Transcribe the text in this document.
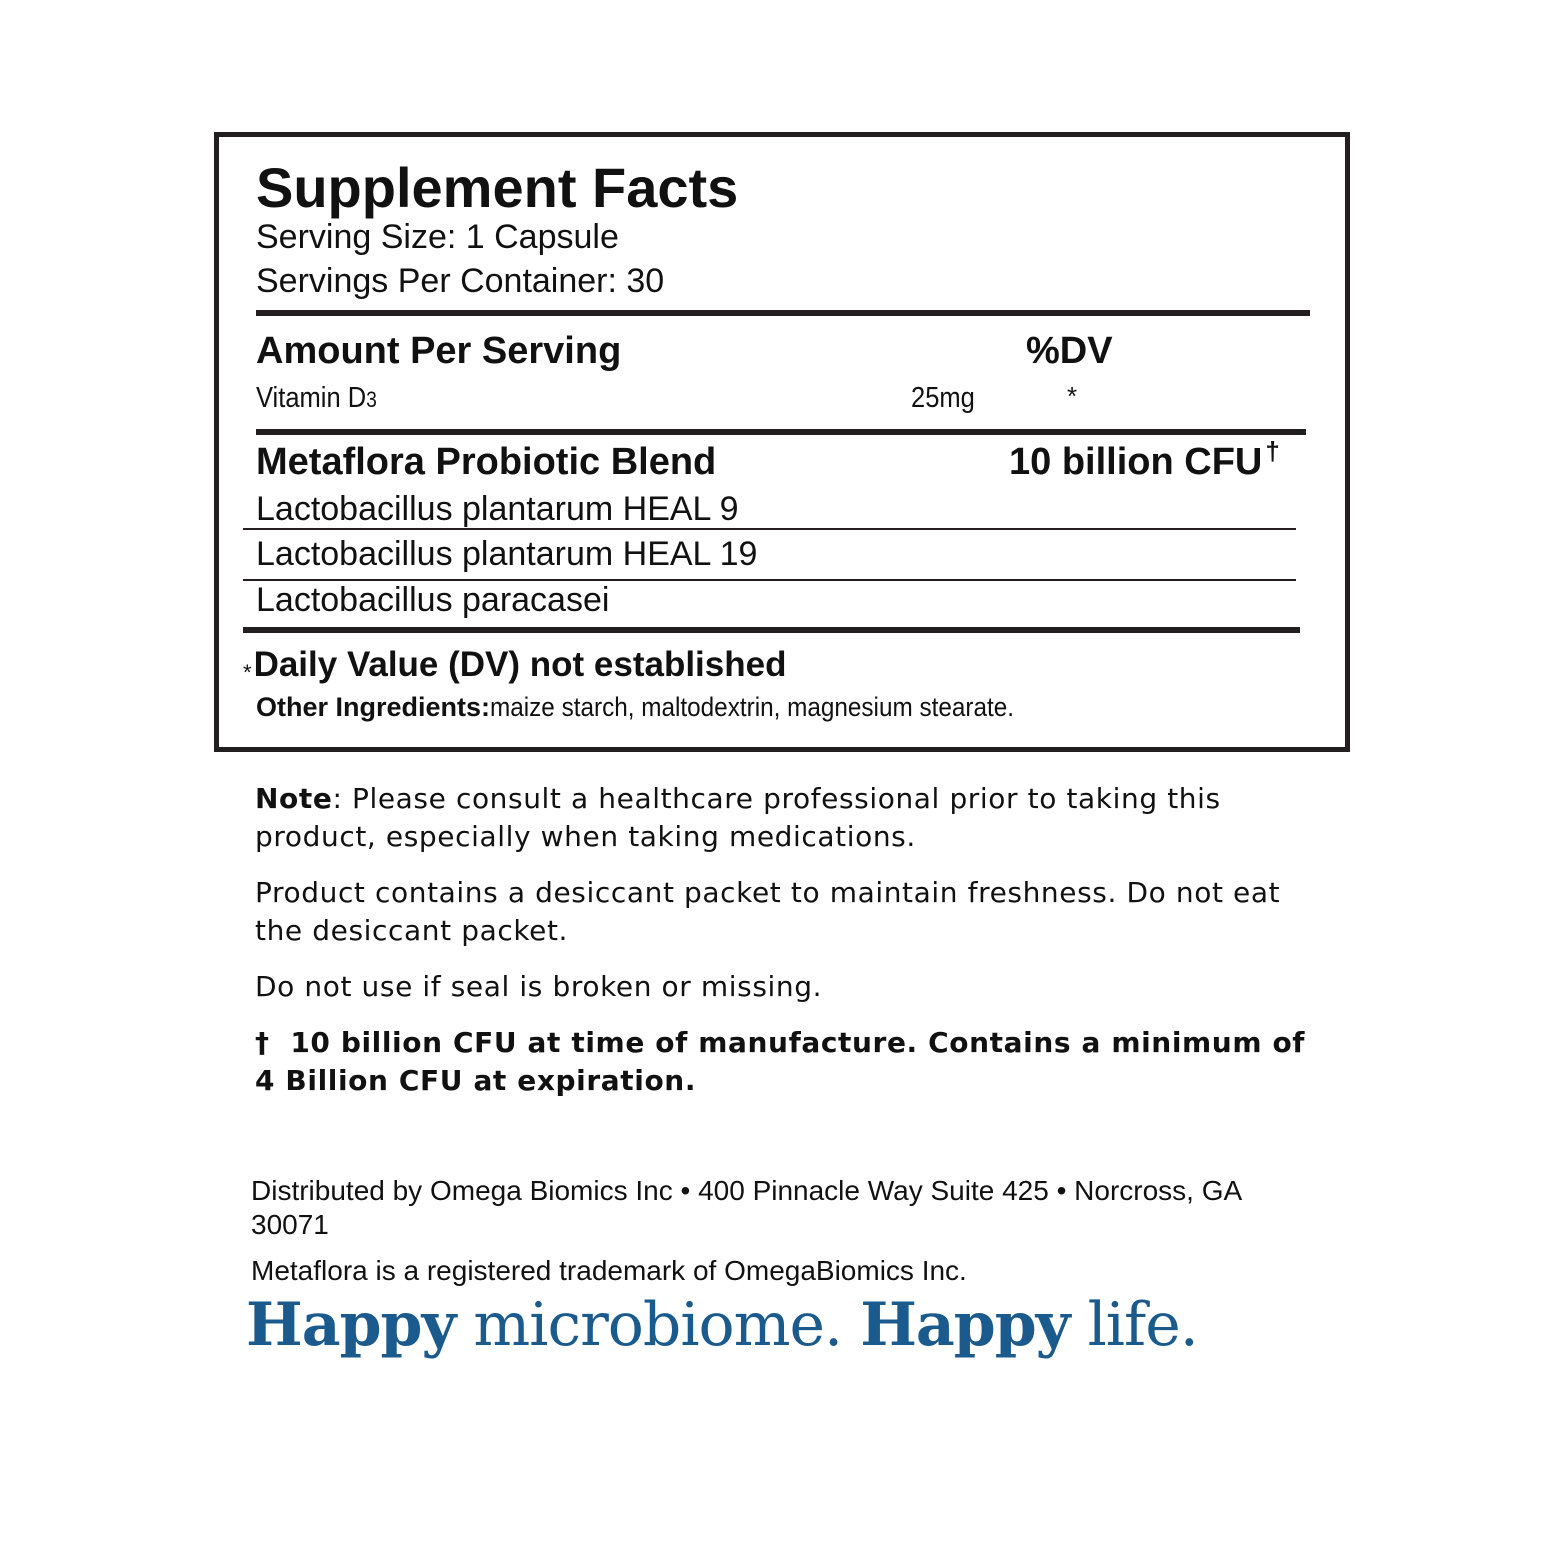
Supplement Facts
Serving Size: 1 Capsule
Servings Per Container: 30
Amount Per Serving	%DV
Vitamin D3	25mg	*
Metaflora Probiotic Blend	10 billion CFU †
Lactobacillus plantarum HEAL 9
Lactobacillus plantarum HEAL 19
Lactobacillus paracasei
*Daily Value (DV) not established
Other Ingredients:maize starch, maltodextrin, magnesium stearate.

Note: Please consult a healthcare professional prior to taking this product, especially when taking medications.

Product contains a desiccant packet to maintain freshness. Do not eat the desiccant packet.

Do not use if seal is broken or missing.

† 10 billion CFU at time of manufacture. Contains a minimum of 4 Billion CFU at expiration.

Distributed by Omega Biomics Inc • 400 Pinnacle Way Suite 425 • Norcross, GA 30071

Metaflora is a registered trademark of OmegaBiomics Inc.

Happy microbiome. Happy life.
